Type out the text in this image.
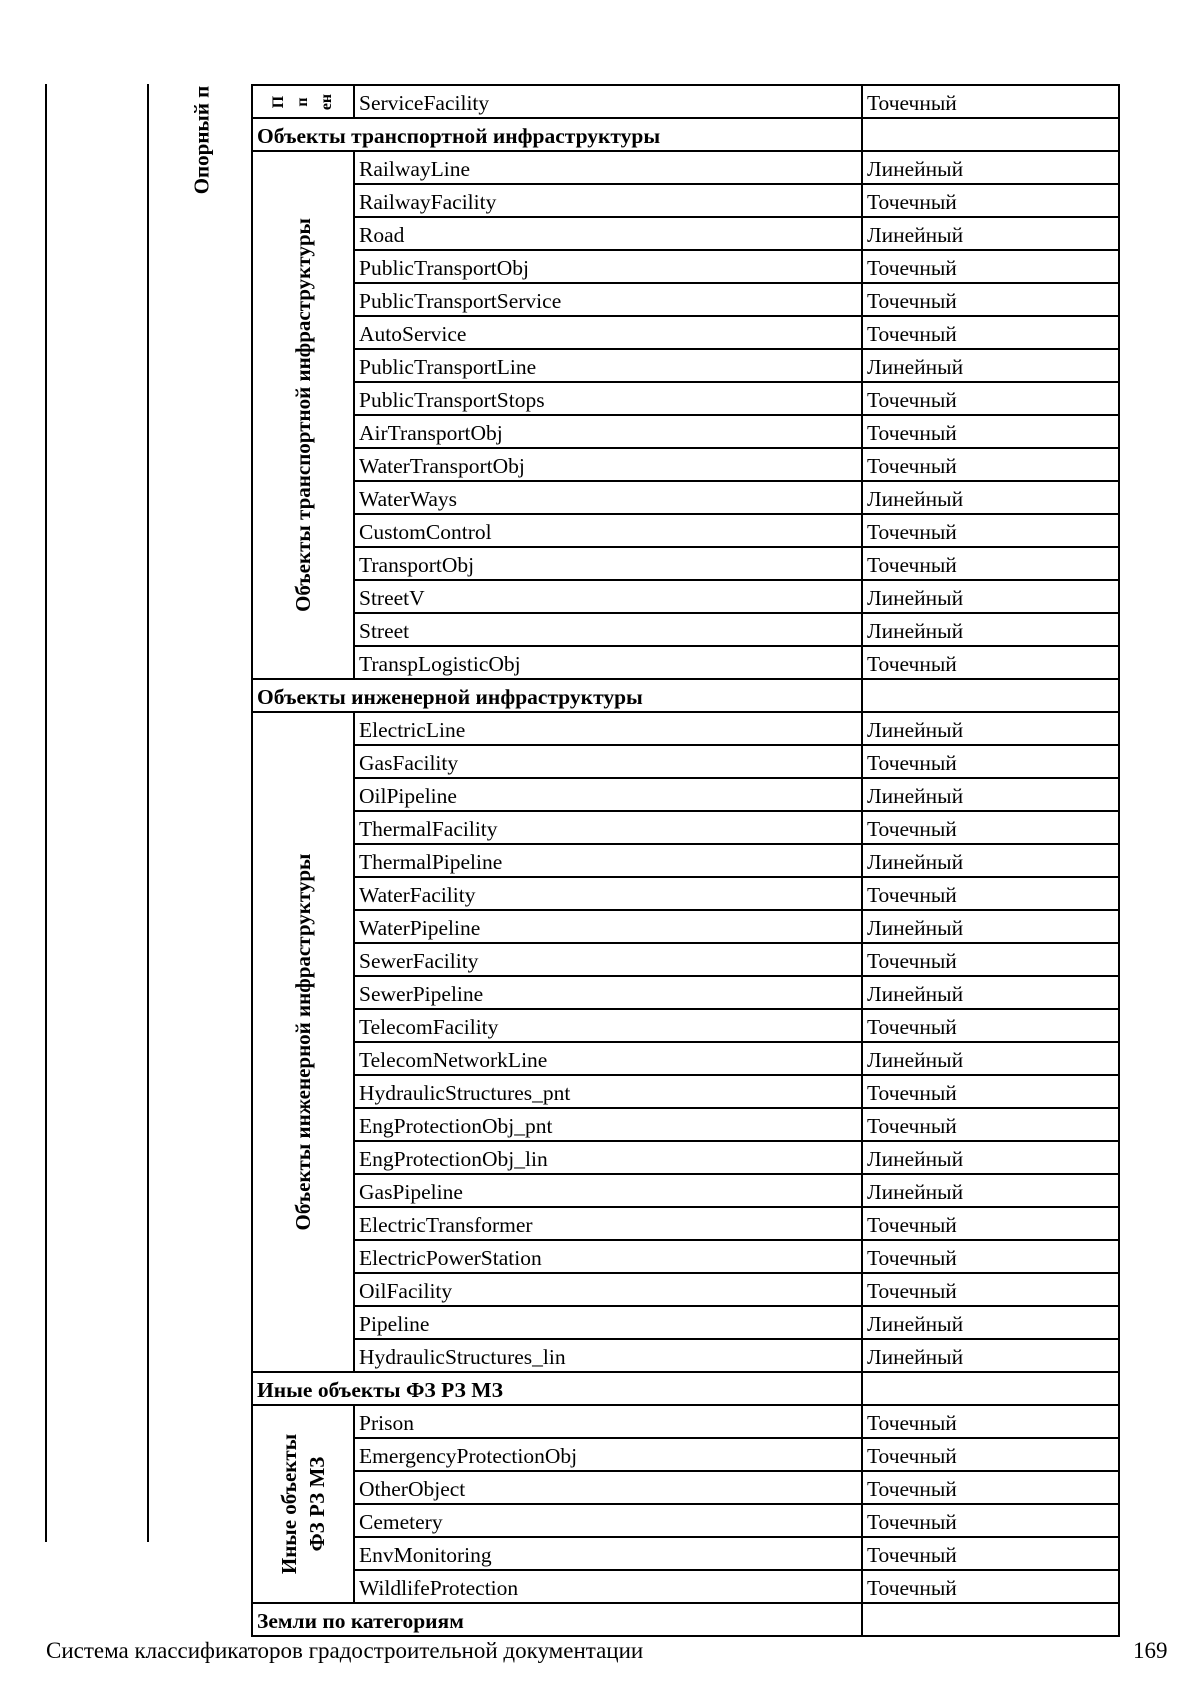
Опорный п	П п ен	ServiceFacility	Точечный
Объекты транспортной инфраструктуры		

Объекты транспортной инфраструктуры	RailwayLine	Линейный
	RailwayFacility	Точечный
	Road	Линейный
	PublicTransportObj	Точечный
	PublicTransportService	Точечный
	AutoService	Точечный
	PublicTransportLine	Линейный
	PublicTransportStops	Точечный
	AirTransportObj	Точечный
	WaterTransportObj	Точечный
	WaterWays	Линейный
	CustomControl	Точечный
	TransportObj	Точечный
	StreetV	Линейный
	Street	Линейный
	TranspLogisticObj	Точечный
Объекты инженерной инфраструктуры		

Объекты инженерной инфраструктуры	ElectricLine	Линейный
	GasFacility	Точечный
	OilPipeline	Линейный
	ThermalFacility	Точечный
	ThermalPipeline	Линейный
	WaterFacility	Точечный
	WaterPipeline	Линейный
	SewerFacility	Точечный
	SewerPipeline	Линейный
	TelecomFacility	Точечный
	TelecomNetworkLine	Линейный
	HydraulicStructures_pnt	Точечный
	EngProtectionObj_pnt	Точечный
	EngProtectionObj_lin	Линейный
	GasPipeline	Линейный
	ElectricTransformer	Точечный
	ElectricPowerStation	Точечный
	OilFacility	Точечный
	Pipeline	Линейный
	HydraulicStructures_lin	Линейный
Иные объекты ФЗ РЗ МЗ		

Иные объекты ФЗ РЗ МЗ	Prison	Точечный
	EmergencyProtectionObj	Точечный
	OtherObject	Точечный
	Cemetery	Точечный
	EnvMonitoring	Точечный
	WildlifeProtection	Точечный
Земли по категориям		
Система классификаторов градостроительной документации	169
